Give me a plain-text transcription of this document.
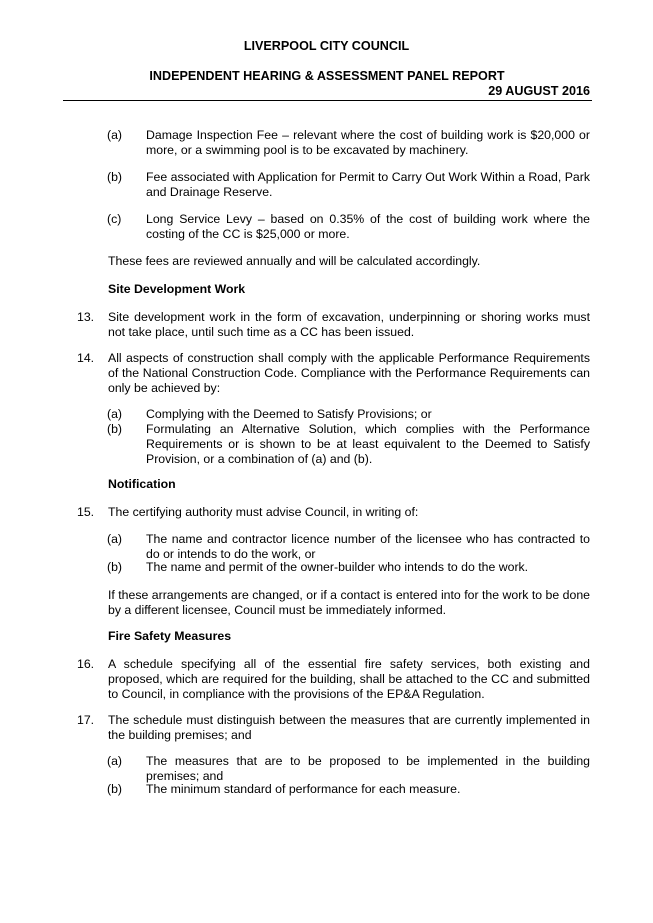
LIVERPOOL CITY COUNCIL
INDEPENDENT HEARING & ASSESSMENT PANEL REPORT
29 AUGUST 2016
(a) Damage Inspection Fee – relevant where the cost of building work is $20,000 or more, or a swimming pool is to be excavated by machinery.
(b) Fee associated with Application for Permit to Carry Out Work Within a Road, Park and Drainage Reserve.
(c) Long Service Levy – based on 0.35% of the cost of building work where the costing of the CC is $25,000 or more.
These fees are reviewed annually and will be calculated accordingly.
Site Development Work
13. Site development work in the form of excavation, underpinning or shoring works must not take place, until such time as a CC has been issued.
14. All aspects of construction shall comply with the applicable Performance Requirements of the National Construction Code. Compliance with the Performance Requirements can only be achieved by:
(a) Complying with the Deemed to Satisfy Provisions; or
(b) Formulating an Alternative Solution, which complies with the Performance Requirements or is shown to be at least equivalent to the Deemed to Satisfy Provision, or a combination of (a) and (b).
Notification
15. The certifying authority must advise Council, in writing of:
(a) The name and contractor licence number of the licensee who has contracted to do or intends to do the work, or
(b) The name and permit of the owner-builder who intends to do the work.
If these arrangements are changed, or if a contact is entered into for the work to be done by a different licensee, Council must be immediately informed.
Fire Safety Measures
16. A schedule specifying all of the essential fire safety services, both existing and proposed, which are required for the building, shall be attached to the CC and submitted to Council, in compliance with the provisions of the EP&A Regulation.
17. The schedule must distinguish between the measures that are currently implemented in the building premises; and
(a) The measures that are to be proposed to be implemented in the building premises; and
(b) The minimum standard of performance for each measure.
